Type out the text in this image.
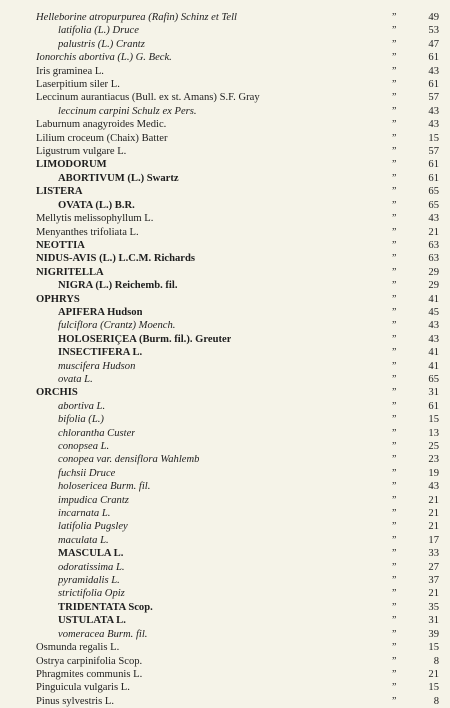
Helleborine atropurpurea (Rafin) Schinz et Tell	”	49
latifolia (L.) Druce	”	53
palustris (L.) Crantz	”	47
Ionorchis abortiva (L.) G. Beck.	”	61
Iris graminea L.	”	43
Laserpitium siler L.	”	61
Leccinum aurantiacus (Bull. ex st. Amans) S.F. Gray	”	57
leccinum carpini Schulz ex Pers.	”	43
Laburnum anagyroides Medic.	”	43
Lilium croceum (Chaix) Batter	”	15
Ligustrum vulgare L.	”	57
LIMODORUM	”	61
ABORTIVUM (L.) Swartz	”	61
LISTERA	”	65
OVATA (L.) B.R.	”	65
Mellytis melissophyllum L.	”	43
Menyanthes trifoliata L.	”	21
NEOTTIA	”	63
NIDUS-AVIS (L.) L.C.M. Richards	”	63
NIGRITELLA	”	29
NIGRA (L.) Reichemb. fil.	”	29
OPHRYS	”	41
APIFERA Hudson	”	45
fulciflora (Crantz) Moench.	”	43
HOLOSERIÇEA (Burm. fil.). Greuter	”	43
INSECTIFERA L.	”	41
muscifera Hudson	”	41
ovata L.	”	65
ORCHIS	”	31
abortiva L.	”	61
bifolia (L.)	”	15
chlorantha Custer	”	13
conopsea L.	”	25
conopea var. densiflora Wahlemb	”	23
fuchsii Druce	”	19
holosericea Burm. fil.	”	43
impudica Crantz	”	21
incarnata L.	”	21
latifolia Pugsley	”	21
maculata L.	”	17
MASCULA L.	”	33
odoratissima L.	”	27
pyramidalis L.	”	37
strictifolia Opiz	”	21
TRIDENTATA Scop.	”	35
USTULATA L.	”	31
vomeracea Burm. fil.	”	39
Osmunda regalis L.	”	15
Ostrya carpinifolia Scop.	”	8
Phragmites communis L.	”	21
Pinguicula vulgaris L.	”	15
Pinus sylvestris L.	”	8
